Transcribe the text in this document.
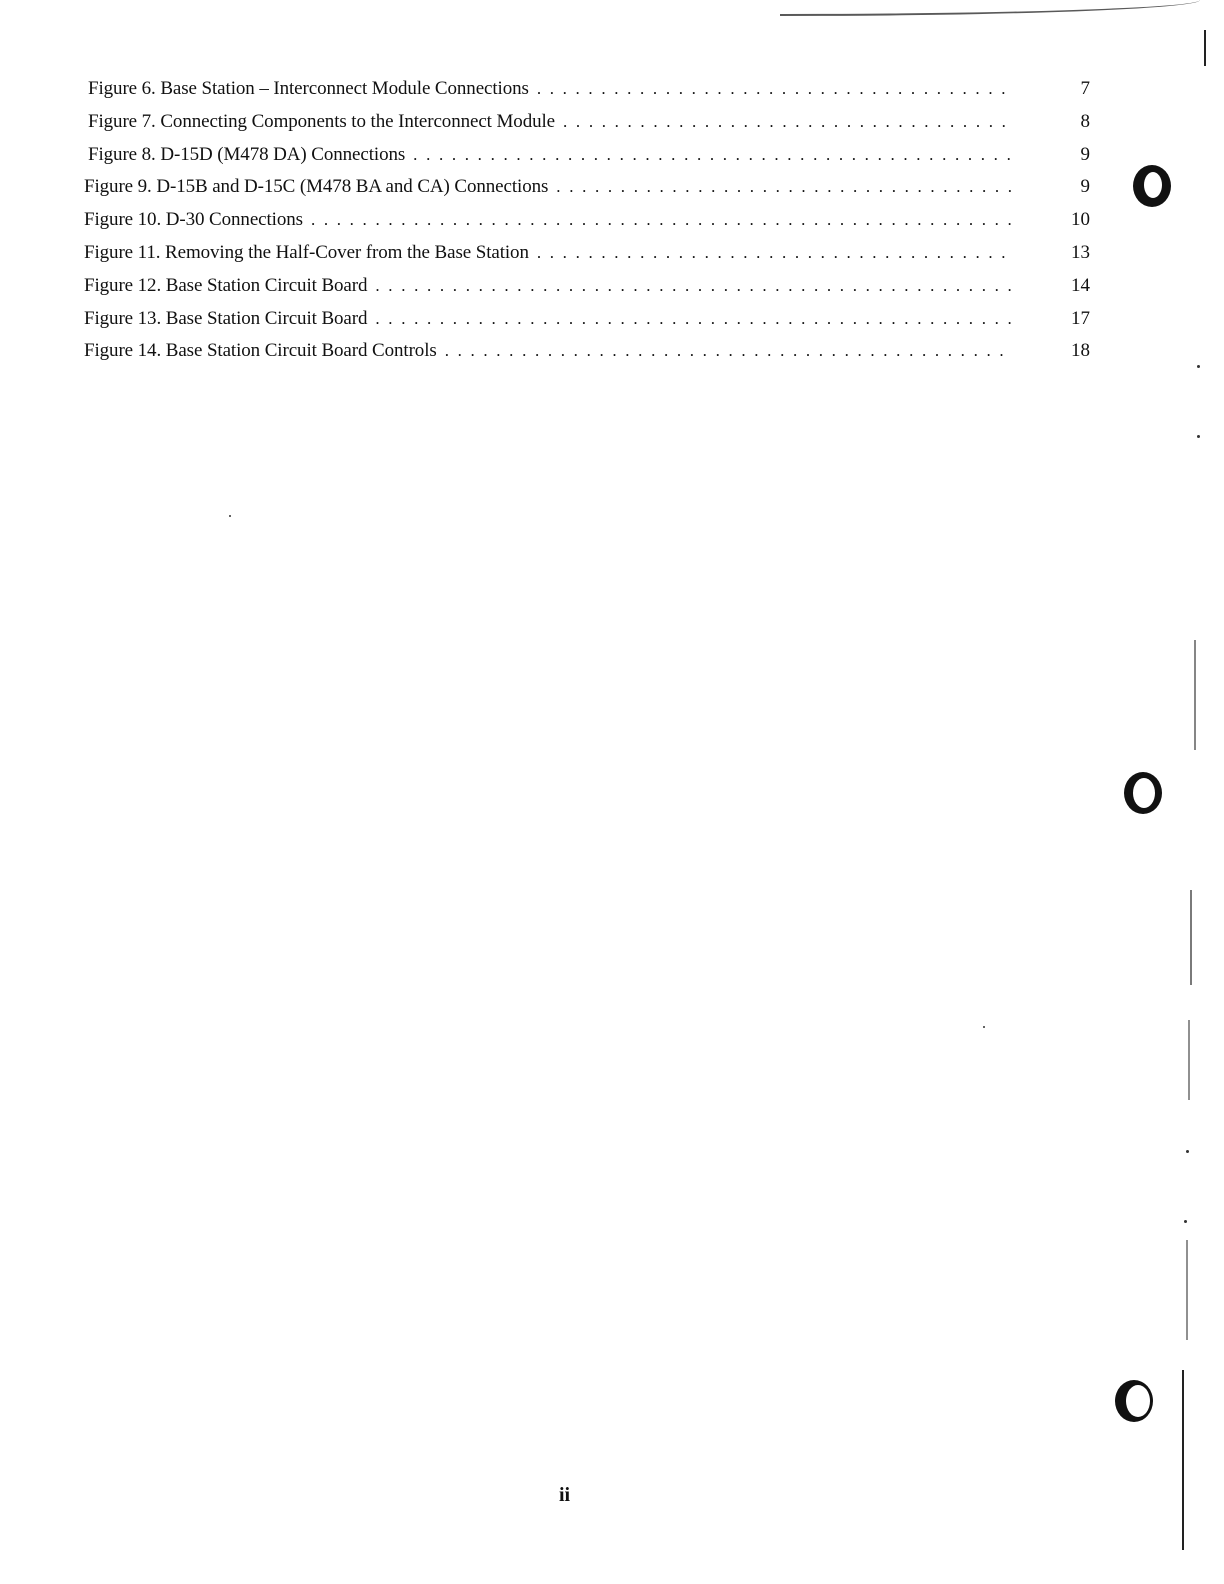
Figure 6. Base Station – Interconnect Module Connections . . .	7
Figure 7. Connecting Components to the Interconnect Module . . .	8
Figure 8. D-15D (M478 DA) Connections . . .	9
Figure 9. D-15B and D-15C (M478 BA and CA) Connections . . .	9
Figure 10. D-30 Connections . . .	10
Figure 11. Removing the Half-Cover from the Base Station . . .	13
Figure 12. Base Station Circuit Board . . .	14
Figure 13. Base Station Circuit Board . . .	17
Figure 14. Base Station Circuit Board Controls . . .	18
ii
